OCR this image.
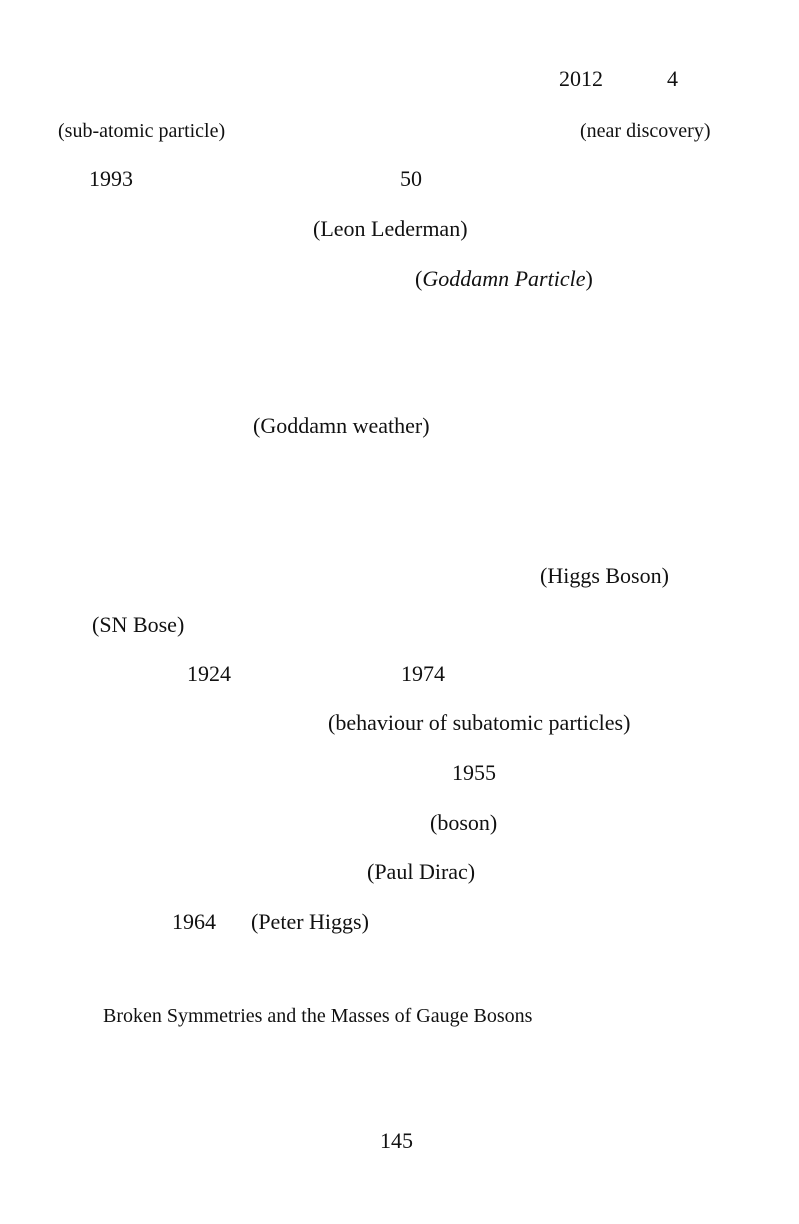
2012	4
(sub-atomic particle)	(near discovery)
1993	50
(Leon Lederman)
(Goddamn Particle)
(Goddamn weather)
(Higgs Boson)
(SN Bose)
1924	1974
(behaviour of subatomic particles)
1955
(boson)
(Paul Dirac)
1964 (Peter Higgs)
Broken Symmetries and the Masses of Gauge Bosons
145
